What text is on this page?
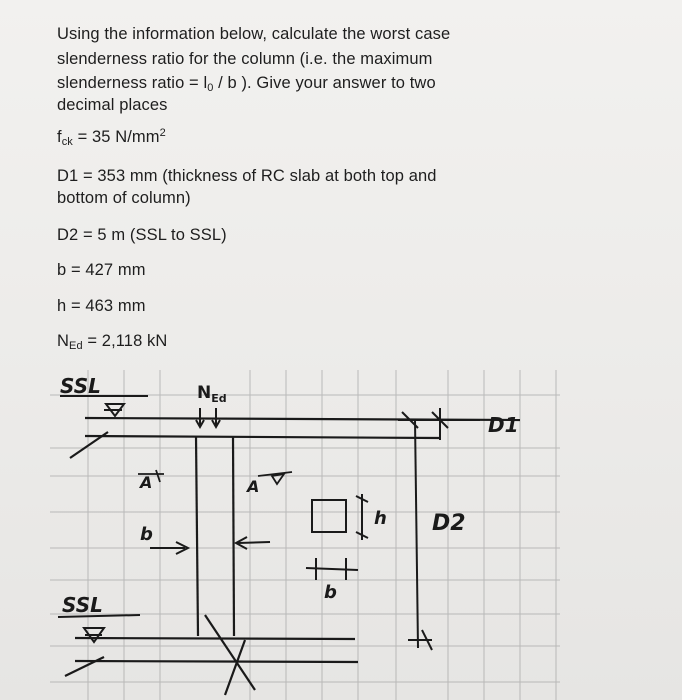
Using the information below, calculate the worst case
slenderness ratio for the column (i.e. the maximum
slenderness ratio = $l_0$ / b ). Give your answer to two
decimal places
$f_{ck} = 35$ $N/mm^2$
D1 = 353 mm (thickness of RC slab at both top and
bottom of column)
D2 = 5 m (SSL to SSL)
b = 427 mm
h = 463 mm
$N_{Ed} = 2,118$ kN
SSL
SSL
$N_{Ed}$
D1
D2
A	A
b
h
b
